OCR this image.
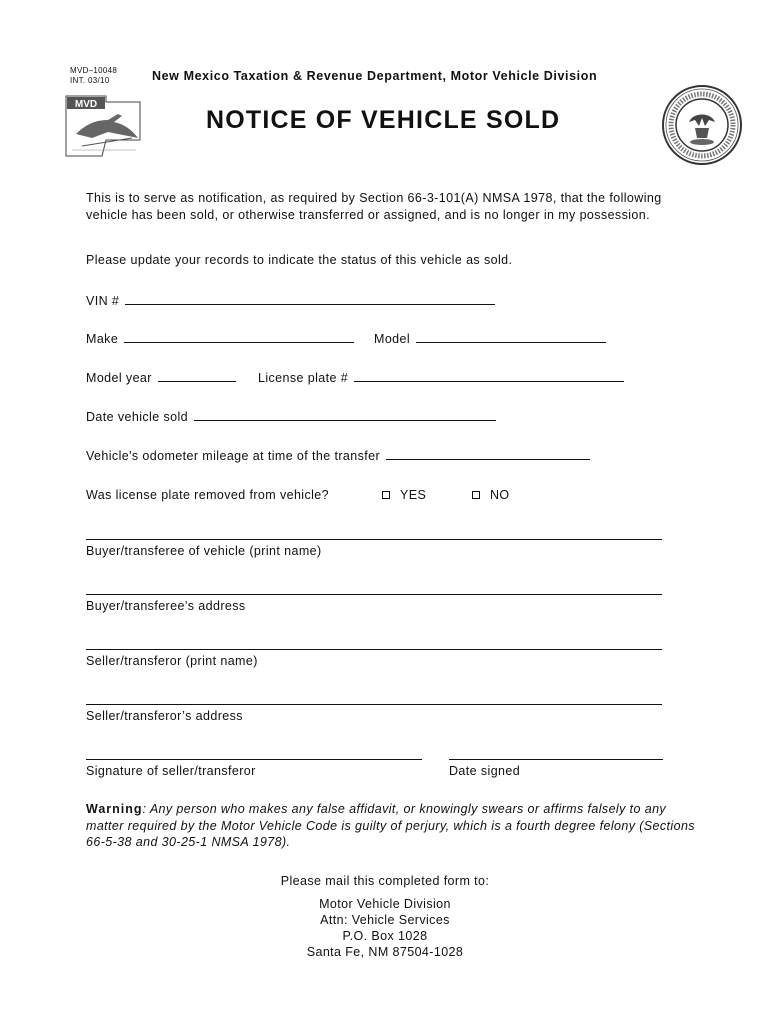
MVD–10048
INT. 03/10
MVD
New Mexico Taxation & Revenue Department, Motor Vehicle Division
NOTICE OF VEHICLE SOLD
This is to serve as notification, as required by Section 66-3-101(A) NMSA 1978, that the following vehicle has been sold, or otherwise transferred or assigned, and is no longer in my possession.
Please update your records to indicate the status of this vehicle as sold.
VIN #
Make	Model
Model year	License plate #
Date vehicle sold
Vehicle's odometer mileage at time of the transfer
Was license plate removed from vehicle?	YES	NO
Buyer/transferee of vehicle (print name)
Buyer/transferee’s address
Seller/transferor (print name)
Seller/transferor’s address
Signature of seller/transferor	Date signed
Warning: Any person who makes any false affidavit, or knowingly swears or affirms falsely to any matter required by the Motor Vehicle Code is guilty of perjury, which is a fourth degree felony (Sections 66-5-38 and 30-25-1 NMSA 1978).
Please mail this completed form to:
Motor Vehicle Division
Attn: Vehicle Services
P.O. Box 1028
Santa Fe, NM 87504-1028
